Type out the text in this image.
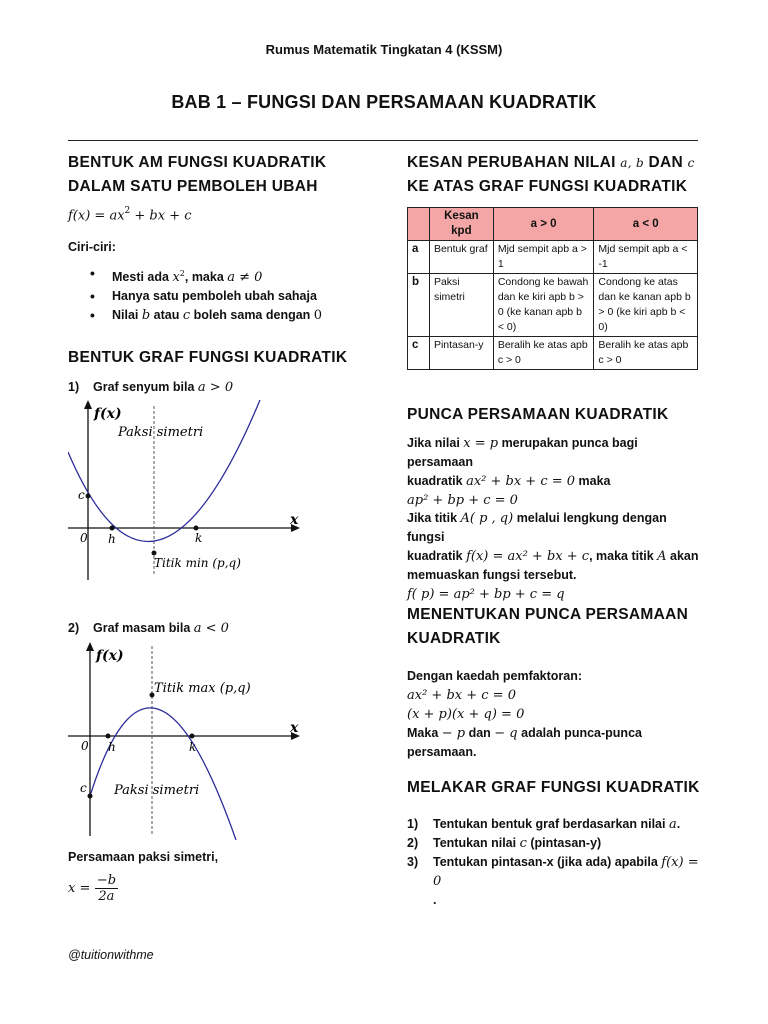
Rumus Matematik Tingkatan 4 (KSSM)
BAB 1 – FUNGSI DAN PERSAMAAN KUADRATIK
BENTUK AM FUNGSI KUADRATIK
DALAM SATU PEMBOLEH UBAH
$f(x) = ax^2$ + bx + c
Ciri-ciri:
• Mesti ada $x^2$, maka a ≠ 0
• Hanya satu pemboleh ubah sahaja
• Nilai b atau c boleh sama dengan 0
BENTUK GRAF FUNGSI KUADRATIK
1) Graf senyum bila a > 0
f(x)
Paksi simetri
c
0 h	k
x
Titik min (p,q)
2) Graf masam bila a < 0
f(x)
Titik max (p,q)
0 h	k
x
c Paksi simetri
Persamaan paksi simetri,
$x = \frac{-b}{2a}$
@tuitionwithme
KESAN PERUBAHAN NILAI a, b DAN c
KE ATAS GRAF FUNGSI KUADRATIK
	Kesan kpd	a > 0	a < 0
a	Bentuk graf	Mjd sempit apb a > 1	Mjd sempit apb a < -1
b	Paksi simetri	Condong ke bawah dan ke kiri apb b > 0 (ke kanan apb b < 0)	Condong ke atas dan ke kanan apb b > 0 (ke kiri apb b < 0)
c	Pintasan-y	Beralih ke atas apb c > 0	Beralih ke atas apb c > 0
PUNCA PERSAMAAN KUADRATIK
Jika nilai x = p merupakan punca bagi persamaan
kuadratik ax² + bx + c = 0 maka
ap² + bp + c = 0
Jika titik A( p , q) melalui lengkung dengan fungsi
kuadratik f(x) = ax² + bx + c, maka titik A akan
memuaskan fungsi tersebut.
f( p) = ap² + bp + c = q
MENENTUKAN PUNCA PERSAMAAN
KUADRATIK
Dengan kaedah pemfaktoran:
ax² + bx + c = 0
(x + p)(x + q) = 0
Maka − p dan − q adalah punca-punca
persamaan.
MELAKAR GRAF FUNGSI KUADRATIK
1)	Tentukan bentuk graf berdasarkan nilai a.
2)	Tentukan nilai c (pintasan-y)
3)	Tentukan pintasan-x (jika ada) apabila f(x) = 0
.
